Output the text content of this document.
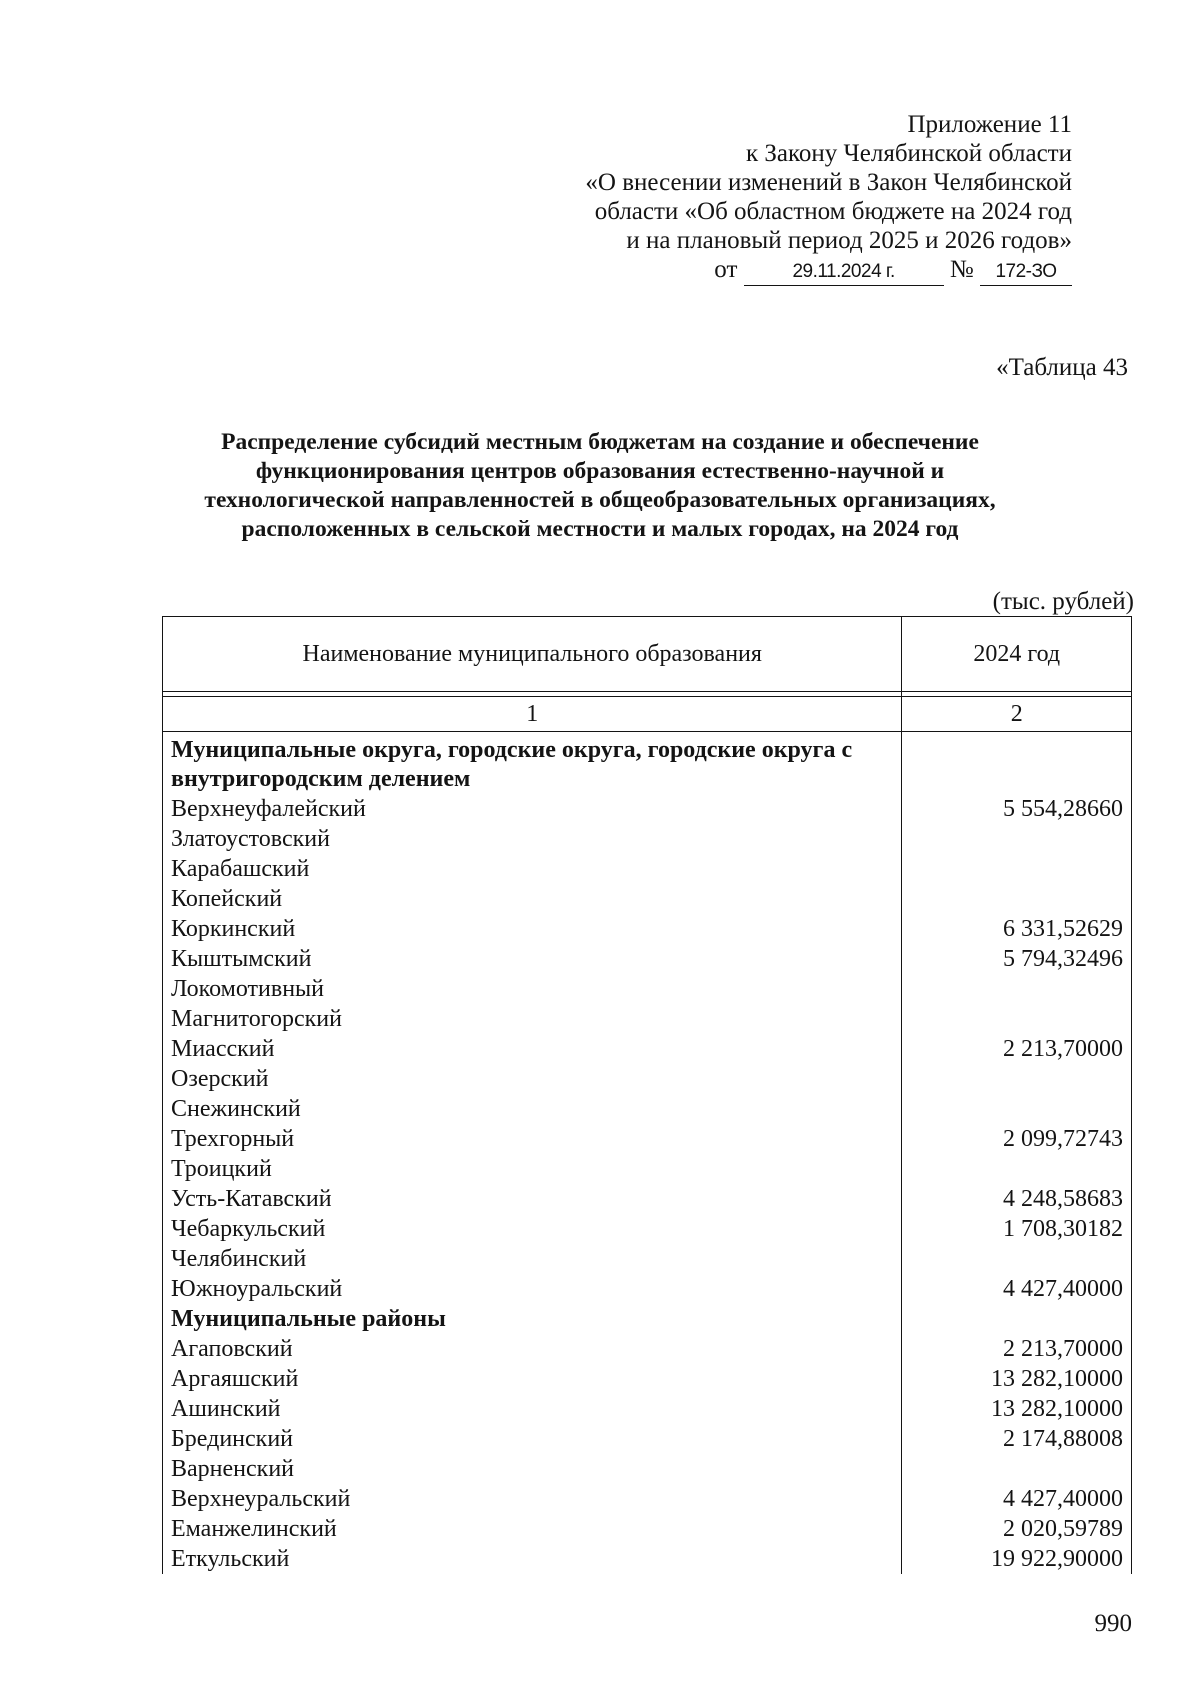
Приложение 11
к Закону Челябинской области
«О внесении изменений в Закон Челябинской
области «Об областном бюджете на 2024 год
и на плановый период 2025 и 2026 годов»
от	29.11.2024 г. № 172-ЗО
«Таблица 43
Распределение субсидий местным бюджетам на создание и обеспечение
функционирования центров образования естественно-научной и
технологической направленностей в общеобразовательных организациях,
расположенных в сельской местности и малых городах, на 2024 год
(тыс. рублей)
Наименование муниципального образования	2024 год

1	2
Муниципальные округа, городские округа, городские округа с внутригородским делением	
Верхнеуфалейский	5 554,28660
Златоустовский	
Карабашский	
Копейский	
Коркинский	6 331,52629
Кыштымский	5 794,32496
Локомотивный	
Магнитогорский	
Миасский	2 213,70000
Озерский	
Снежинский	
Трехгорный	2 099,72743
Троицкий	
Усть-Катавский	4 248,58683
Чебаркульский	1 708,30182
Челябинский	
Южноуральский	4 427,40000
Муниципальные районы	
Агаповский	2 213,70000
Аргаяшский	13 282,10000
Ашинский	13 282,10000
Брединский	2 174,88008
Варненский	
Верхнеуральский	4 427,40000
Еманжелинский	2 020,59789
Еткульский	19 922,90000
990
